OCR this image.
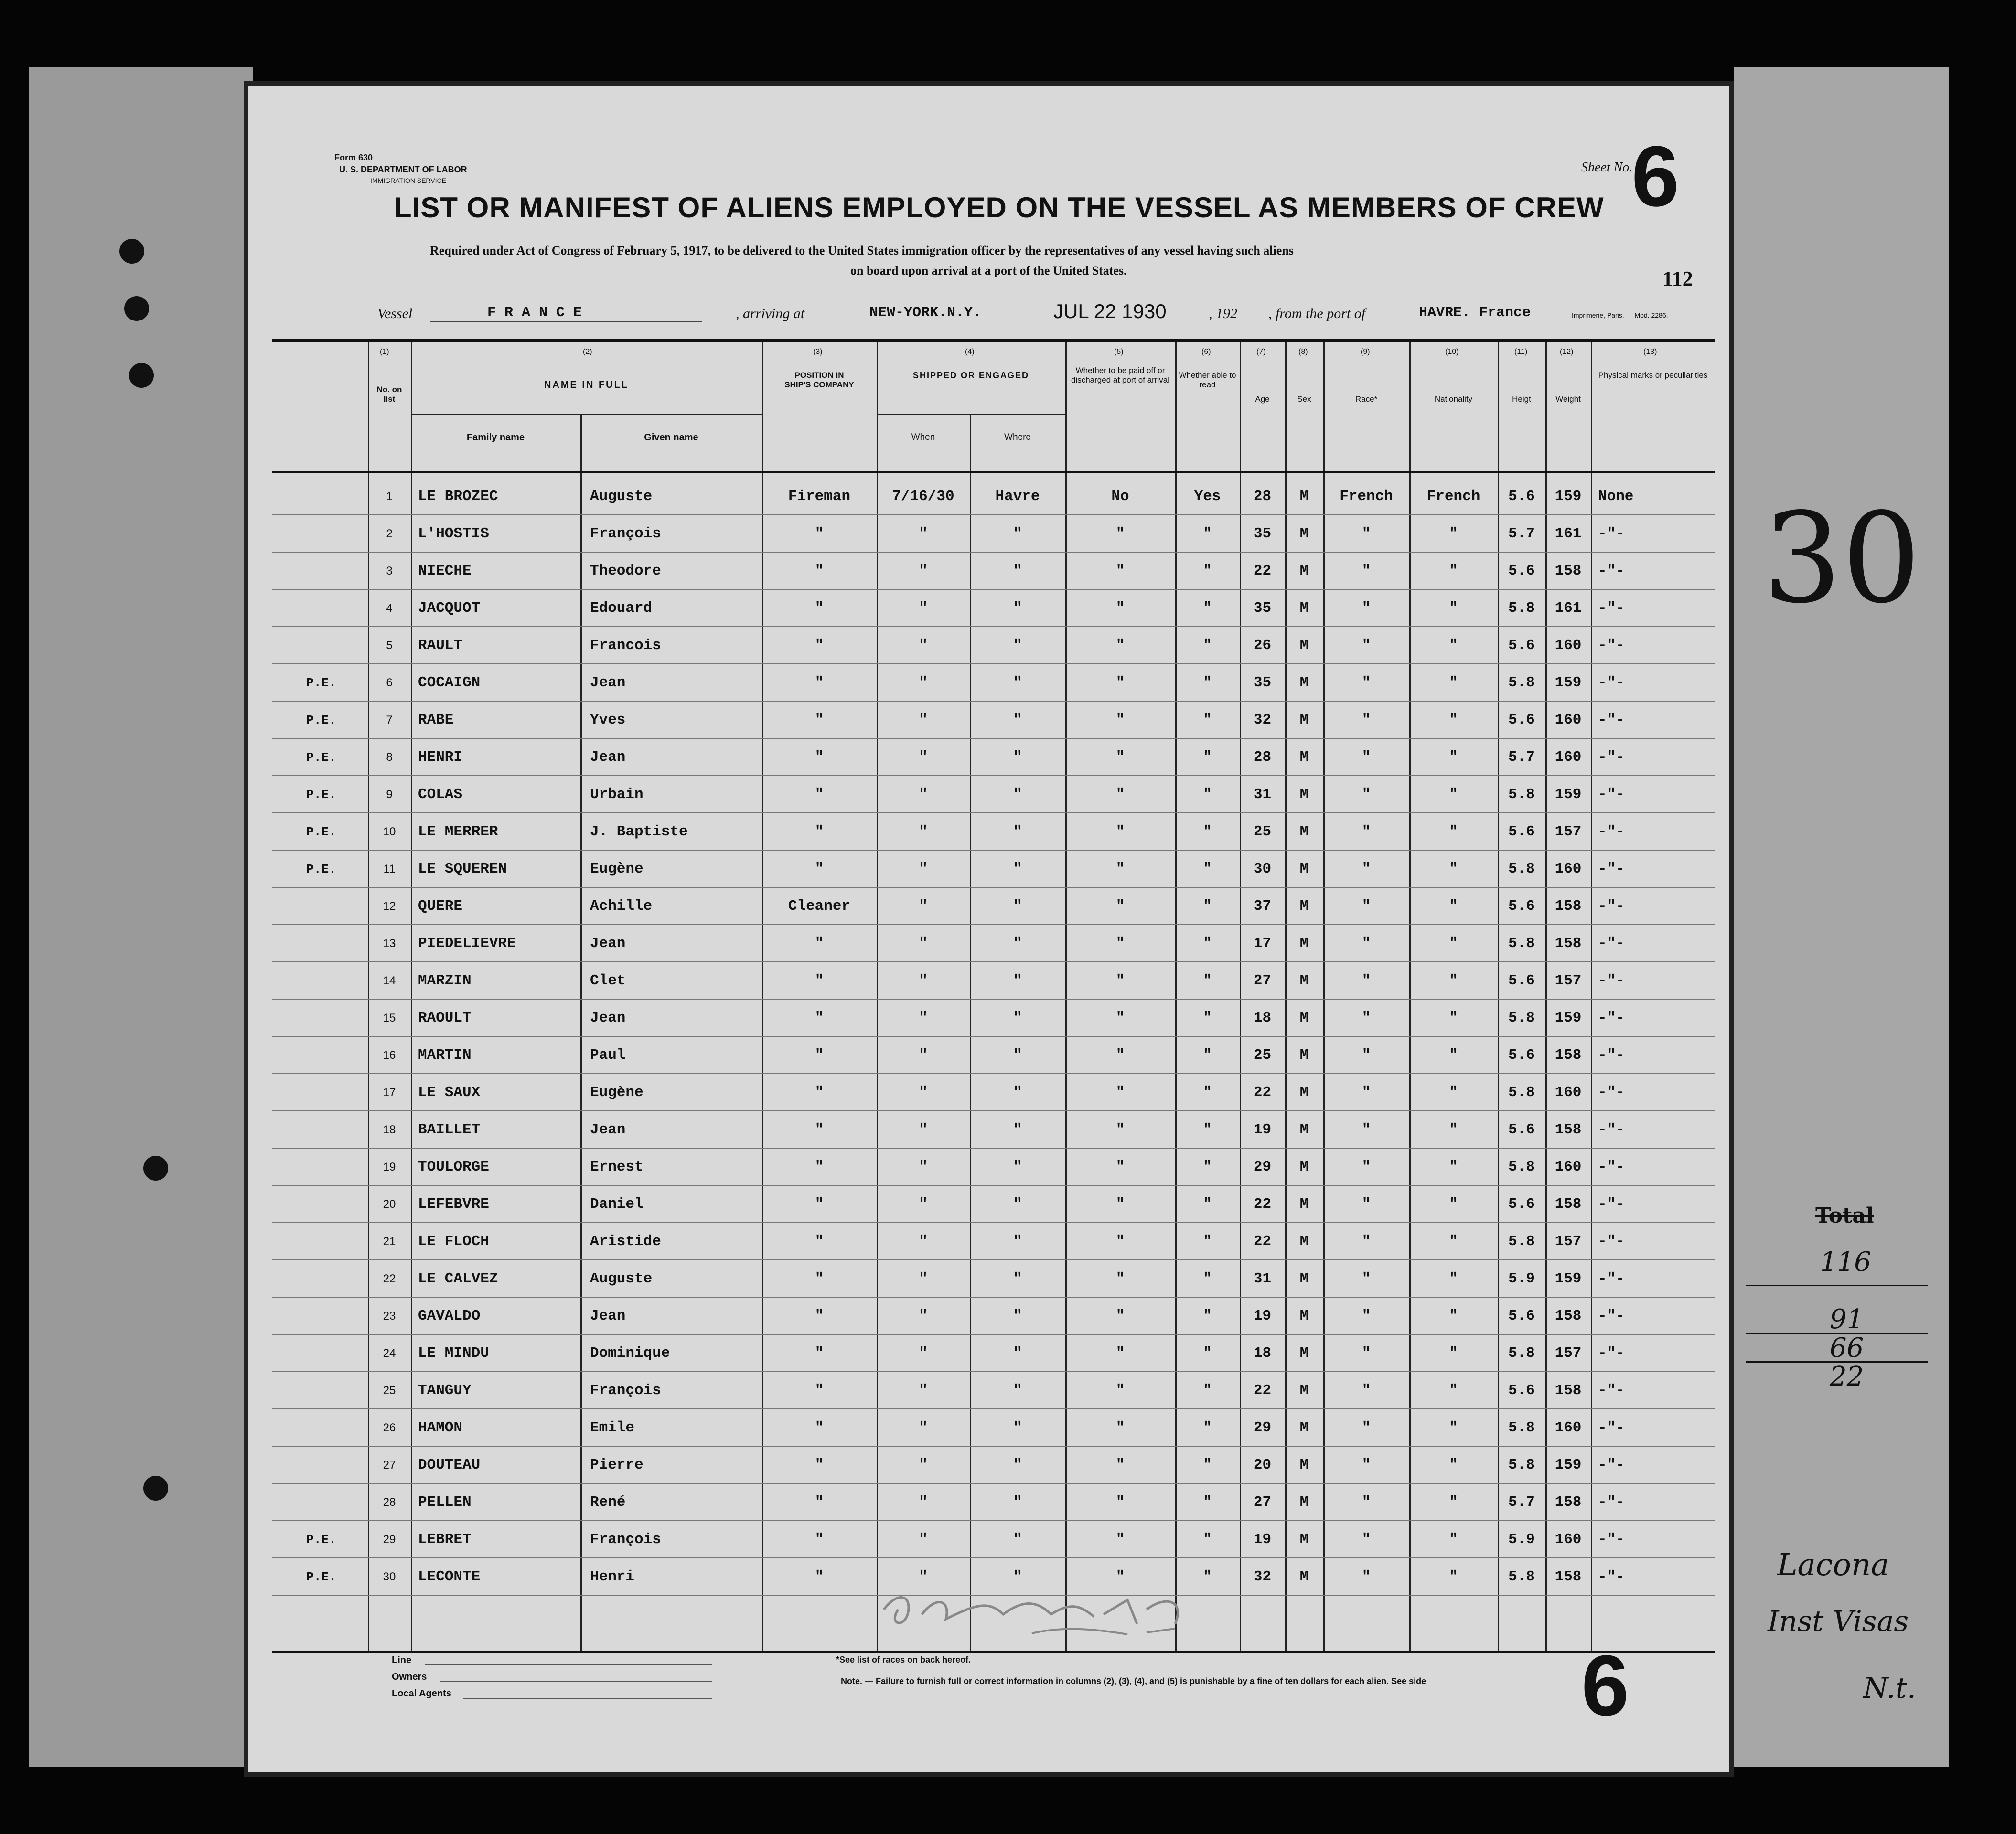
Form 630
U. S. DEPARTMENT OF LABOR
IMMIGRATION SERVICE
Sheet No.
6
LIST OR MANIFEST OF ALIENS EMPLOYED ON THE VESSEL AS MEMBERS OF CREW
Required under Act of Congress of February 5, 1917, to be delivered to the United States immigration officer by the representatives of any vessel having such aliens
on board upon arrival at a port of the United States.	112
Vessel	F R A N C E	, arriving at	NEW-YORK.N.Y.	JUL 22 1930	, 192 , from the port of	HAVRE. France	Imprimerie, Paris. — Mod. 2286.
(1)	(2)	(3)	(4)	(5)	(6)	(7)	(8)	(9)	(10)	(11)	(12)	(13)
No. on list
NAME IN FULL
Family name	Given name
POSITION IN SHIP'S COMPANY
SHIPPED OR ENGAGED
When	Where
Whether to be paid off or discharged at port of arrival
Whether able to read
Age	Sex	Race*	Nationality	Heigt	Weight
Physical marks or peculiarities
1	LE BROZEC	Auguste	Fireman	7/16/30	Havre	No	Yes	28	M	French	French	5.6	159	None
2	L'HOSTIS	François	"	"	"	"	"	35	M	"	"	5.7	161	-"-
3	NIECHE	Theodore	"	"	"	"	"	22	M	"	"	5.6	158	-"-
4	JACQUOT	Edouard	"	"	"	"	"	35	M	"	"	5.8	161	-"-
5	RAULT	Francois	"	"	"	"	"	26	M	"	"	5.6	160	-"-
P.E.	6	COCAIGN	Jean	"	"	"	"	"	35	M	"	"	5.8	159	-"-
P.E.	7	RABE	Yves	"	"	"	"	"	32	M	"	"	5.6	160	-"-
P.E.	8	HENRI	Jean	"	"	"	"	"	28	M	"	"	5.7	160	-"-
P.E.	9	COLAS	Urbain	"	"	"	"	"	31	M	"	"	5.8	159	-"-
P.E.	10	LE MERRER	J. Baptiste	"	"	"	"	"	25	M	"	"	5.6	157	-"-
P.E.	11	LE SQUEREN	Eugène	"	"	"	"	"	30	M	"	"	5.8	160	-"-
12	QUERE	Achille	Cleaner	"	"	"	"	37	M	"	"	5.6	158	-"-
13	PIEDELIEVRE	Jean	"	"	"	"	"	17	M	"	"	5.8	158	-"-
14	MARZIN	Clet	"	"	"	"	"	27	M	"	"	5.6	157	-"-
15	RAOULT	Jean	"	"	"	"	"	18	M	"	"	5.8	159	-"-
16	MARTIN	Paul	"	"	"	"	"	25	M	"	"	5.6	158	-"-
17	LE SAUX	Eugène	"	"	"	"	"	22	M	"	"	5.8	160	-"-
18	BAILLET	Jean	"	"	"	"	"	19	M	"	"	5.6	158	-"-
19	TOULORGE	Ernest	"	"	"	"	"	29	M	"	"	5.8	160	-"-
20	LEFEBVRE	Daniel	"	"	"	"	"	22	M	"	"	5.6	158	-"-
21	LE FLOCH	Aristide	"	"	"	"	"	22	M	"	"	5.8	157	-"-
22	LE CALVEZ	Auguste	"	"	"	"	"	31	M	"	"	5.9	159	-"-
23	GAVALDO	Jean	"	"	"	"	"	19	M	"	"	5.6	158	-"-
24	LE MINDU	Dominique	"	"	"	"	"	18	M	"	"	5.8	157	-"-
25	TANGUY	François	"	"	"	"	"	22	M	"	"	5.6	158	-"-
26	HAMON	Emile	"	"	"	"	"	29	M	"	"	5.8	160	-"-
27	DOUTEAU	Pierre	"	"	"	"	"	20	M	"	"	5.8	159	-"-
28	PELLEN	René	"	"	"	"	"	27	M	"	"	5.7	158	-"-
P.E.	29	LEBRET	François	"	"	"	"	"	19	M	"	"	5.9	160	-"-
P.E.	30	LECONTE	Henri	"	"	"	"	"	32	M	"	"	5.8	158	-"-
Line
Owners
Local Agents
*See list of races on back hereof.
Note. — Failure to furnish full or correct information in columns (2), (3), (4), and (5) is punishable by a fine of ten dollars for each alien. See side 6
30
Total
116
91
66
22
Lacona
Inst Visas
N.t.
